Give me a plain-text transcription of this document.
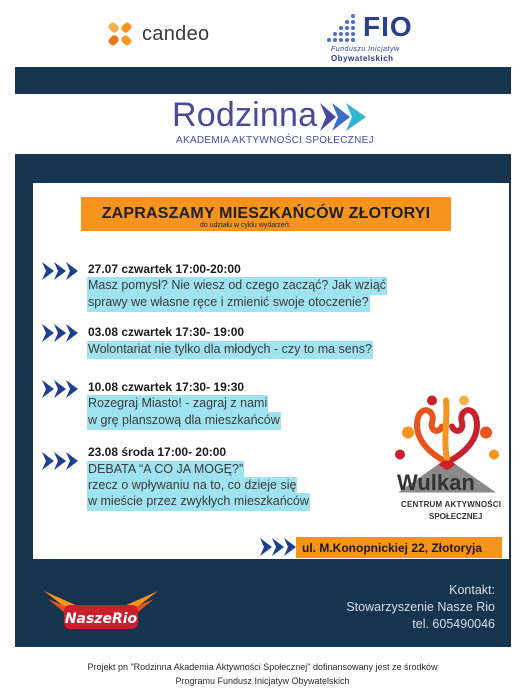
candeo	FIO
Funduszu Inicjatyw
Obywatelskich
Rodzinna
AKADEMIA AKTYWNOŚCI SPOŁECZNEJ
ZAPRASZAMY MIESZKAŃCÓW ZŁOTORYI
do udziału w cyklu wydarzeń:
27.07 czwartek 17:00-20:00
Masz pomysł? Nie wiesz od czego zacząć? Jak wziąć
sprawy we własne ręce i zmienić swoje otoczenie?
03.08 czwartek 17:30- 19:00
Wolontariat nie tylko dla młodych - czy to ma sens?
10.08 czwartek 17:30- 19:30
Rozegraj Miasto! - zagraj z nami
w grę planszową dla mieszkańców
23.08 środa 17:00- 20:00
DEBATA “A CO JA MOGĘ?”
rzecz o wpływaniu na to, co dzieje się
w mieście przez zwykłych mieszkańców
Wulkan
CENTRUM AKTYWNOŚCI
SPOŁECZNEJ
ul. M.Konopnickiej 22, Złotoryja
NaszeRio
Kontakt:
Stowarzyszenie Nasze Rio
tel. 605490046
Projekt pn "Rodzinna Akademia Aktywności Społecznej" dofinansowany jest ze środków
Programu Fundusz Inicjatyw Obywatelskich
